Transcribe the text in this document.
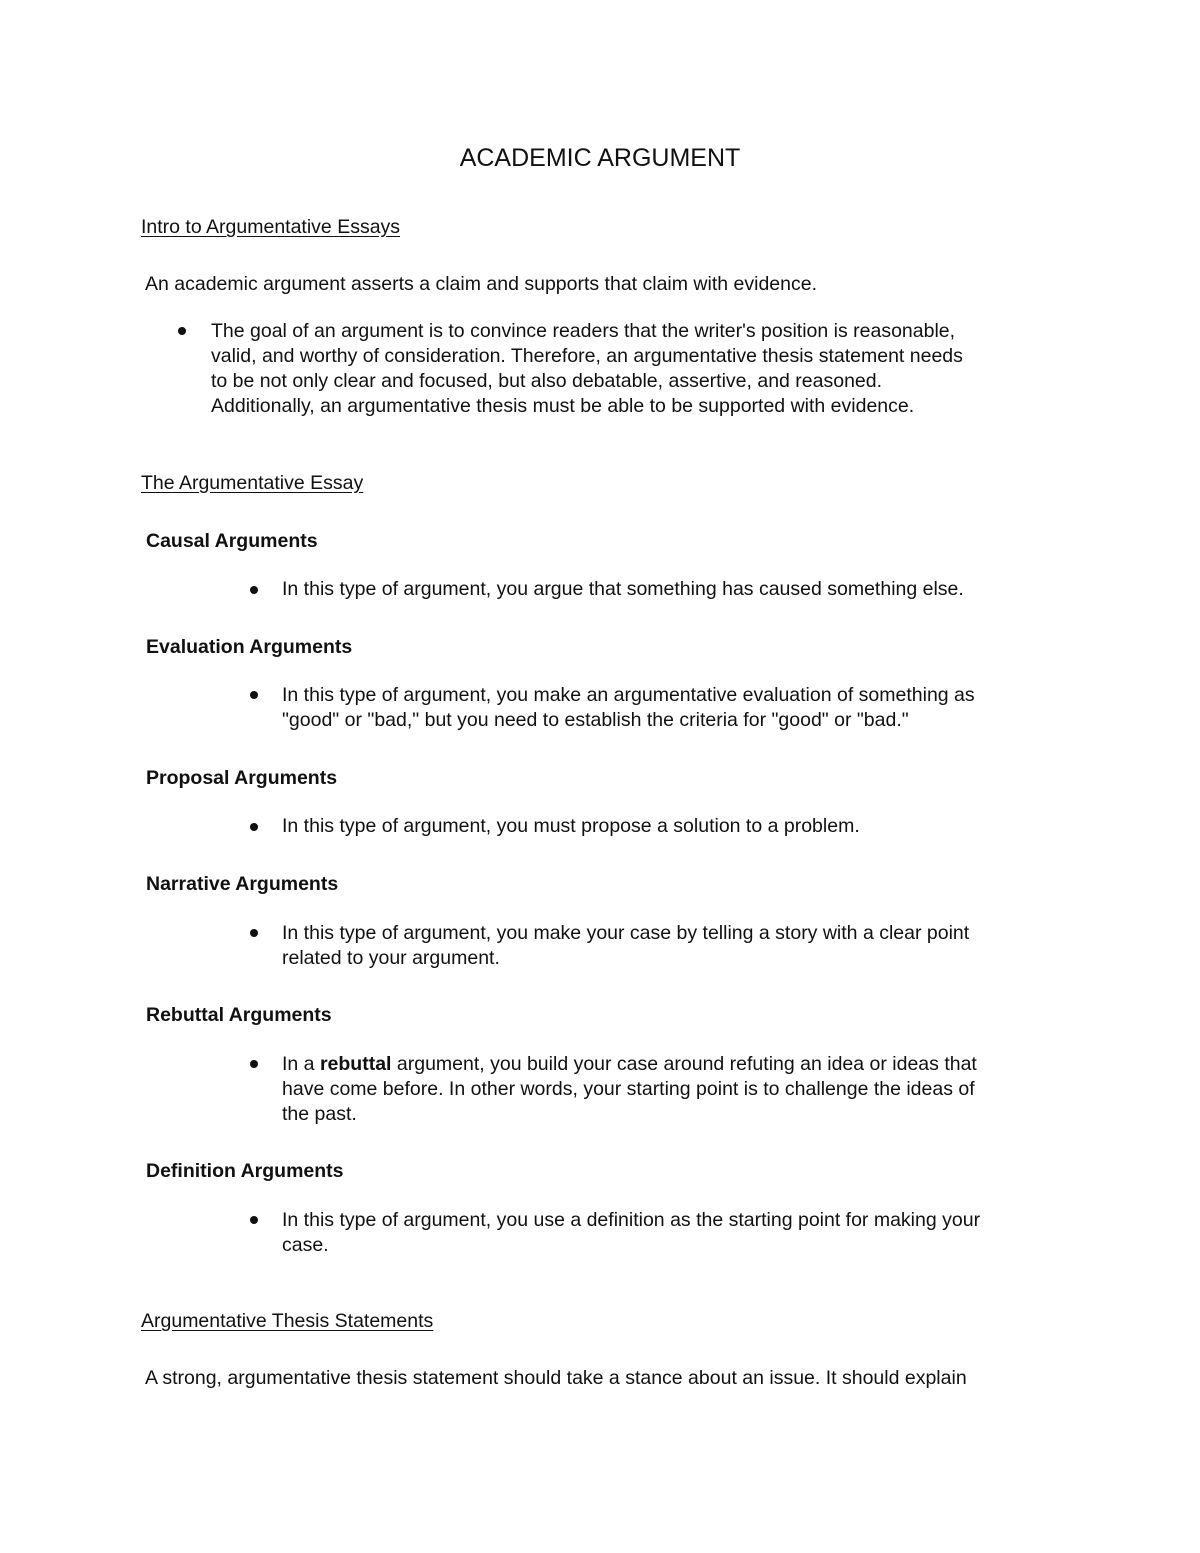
ACADEMIC ARGUMENT
Intro to Argumentative Essays
An academic argument asserts a claim and supports that claim with evidence.
The goal of an argument is to convince readers that the writer's position is reasonable,
valid, and worthy of consideration. Therefore, an argumentative thesis statement needs
to be not only clear and focused, but also debatable, assertive, and reasoned.
Additionally, an argumentative thesis must be able to be supported with evidence.
The Argumentative Essay
Causal Arguments
In this type of argument, you argue that something has caused something else.
Evaluation Arguments
In this type of argument, you make an argumentative evaluation of something as
"good" or "bad," but you need to establish the criteria for "good" or "bad."
Proposal Arguments
In this type of argument, you must propose a solution to a problem.
Narrative Arguments
In this type of argument, you make your case by telling a story with a clear point
related to your argument.
Rebuttal Arguments
In a rebuttal argument, you build your case around refuting an idea or ideas that
have come before. In other words, your starting point is to challenge the ideas of
the past.
Definition Arguments
In this type of argument, you use a definition as the starting point for making your
case.
Argumentative Thesis Statements
A strong, argumentative thesis statement should take a stance about an issue. It should explain
